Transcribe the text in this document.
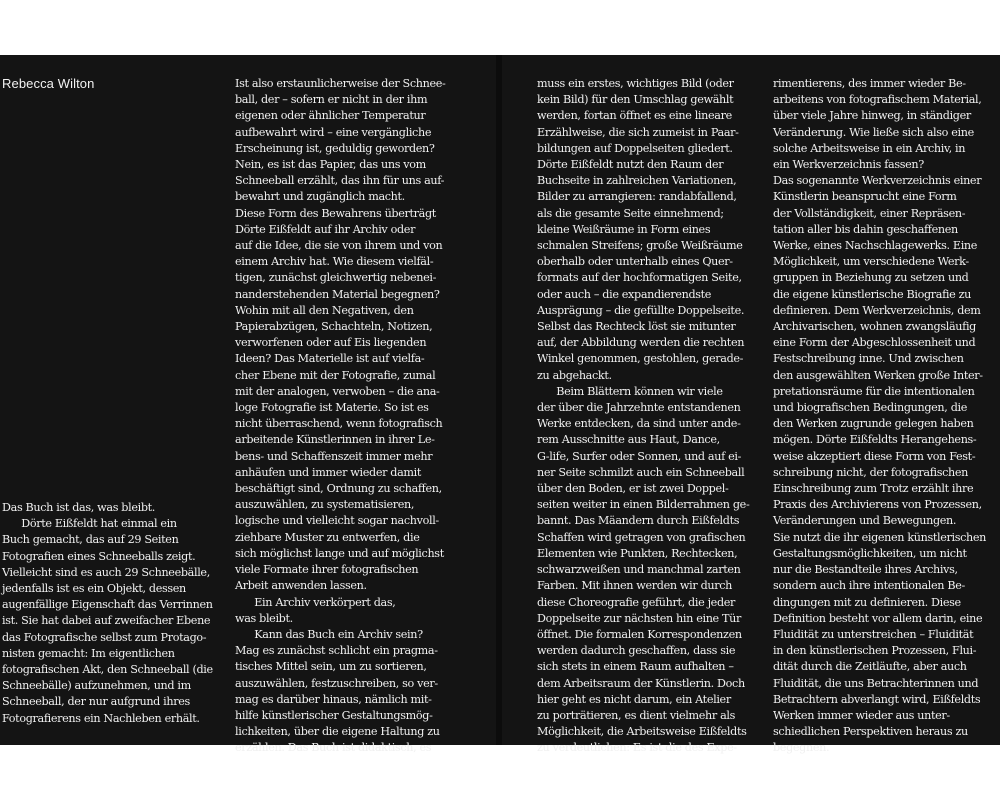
Rebecca Wilton

Das Buch ist das, was bleibt.
Dörte Eißfeldt hat einmal ein
Buch gemacht, das auf 29 Seiten
Fotografien eines Schneeballs zeigt.
Vielleicht sind es auch 29 Schneebälle,
jedenfalls ist es ein Objekt, dessen
augenfällige Eigenschaft das Verrinnen
ist. Sie hat dabei auf zweifacher Ebene
das Fotografische selbst zum Protago-
nisten gemacht: Im eigentlichen
fotografischen Akt, den Schneeball (die
Schneebälle) aufzunehmen, und im
Schneeball, der nur aufgrund ihres
Fotografierens ein Nachleben erhält.

Ist also erstaunlicherweise der Schnee-
ball, der – sofern er nicht in der ihm
eigenen oder ähnlicher Temperatur
aufbewahrt wird – eine vergängliche
Erscheinung ist, geduldig geworden?
Nein, es ist das Papier, das uns vom
Schneeball erzählt, das ihn für uns auf-
bewahrt und zugänglich macht.
Diese Form des Bewahrens überträgt
Dörte Eißfeldt auf ihr Archiv oder
auf die Idee, die sie von ihrem und von
einem Archiv hat. Wie diesem vielfäl-
tigen, zunächst gleichwertig nebenei-
nanderstehenden Material begegnen?
Wohin mit all den Negativen, den
Papierabzügen, Schachteln, Notizen,
verworfenen oder auf Eis liegenden
Ideen? Das Materielle ist auf vielfa-
cher Ebene mit der Fotografie, zumal
mit der analogen, verwoben – die ana-
loge Fotografie ist Materie. So ist es
nicht überraschend, wenn fotografisch
arbeitende Künstlerinnen in ihrer Le-
bens- und Schaffenszeit immer mehr
anhäufen und immer wieder damit
beschäftigt sind, Ordnung zu schaffen,
auszuwählen, zu systematisieren,
logische und vielleicht sogar nachvoll-
ziehbare Muster zu entwerfen, die
sich möglichst lange und auf möglichst
viele Formate ihrer fotografischen
Arbeit anwenden lassen.
Ein Archiv verkörpert das,
was bleibt.
Kann das Buch ein Archiv sein?
Mag es zunächst schlicht ein pragma-
tisches Mittel sein, um zu sortieren,
auszuwählen, festzuschreiben, so ver-
mag es darüber hinaus, nämlich mit-
hilfe künstlerischer Gestaltungsmög-
lichkeiten, über die eigene Haltung zu
erzählen. Das Buch ist didaktisch, es

muss ein erstes, wichtiges Bild (oder
kein Bild) für den Umschlag gewählt
werden, fortan öffnet es eine lineare
Erzählweise, die sich zumeist in Paar-
bildungen auf Doppelseiten gliedert.
Dörte Eißfeldt nutzt den Raum der
Buchseite in zahlreichen Variationen,
Bilder zu arrangieren: randabfallend,
als die gesamte Seite einnehmend;
kleine Weißräume in Form eines
schmalen Streifens; große Weißräume
oberhalb oder unterhalb eines Quer-
formats auf der hochformatigen Seite,
oder auch – die expandierendste
Ausprägung – die gefüllte Doppelseite.
Selbst das Rechteck löst sie mitunter
auf, der Abbildung werden die rechten
Winkel genommen, gestohlen, gerade-
zu abgehackt.
Beim Blättern können wir viele
der über die Jahrzehnte entstandenen
Werke entdecken, da sind unter ande-
rem Ausschnitte aus Haut, Dance,
G-life, Surfer oder Sonnen, und auf ei-
ner Seite schmilzt auch ein Schneeball
über den Boden, er ist zwei Doppel-
seiten weiter in einen Bilderrahmen ge-
bannt. Das Mäandern durch Eißfeldts
Schaffen wird getragen von grafischen
Elementen wie Punkten, Rechtecken,
schwarzweißen und manchmal zarten
Farben. Mit ihnen werden wir durch
diese Choreografie geführt, die jeder
Doppelseite zur nächsten hin eine Tür
öffnet. Die formalen Korrespondenzen
werden dadurch geschaffen, dass sie
sich stets in einem Raum aufhalten –
dem Arbeitsraum der Künstlerin. Doch
hier geht es nicht darum, ein Atelier
zu porträtieren, es dient vielmehr als
Möglichkeit, die Arbeitsweise Eißfeldts
zu verdeutlichen: Es ist die des Expe-

rimentierens, des immer wieder Be-
arbeitens von fotografischem Material,
über viele Jahre hinweg, in ständiger
Veränderung. Wie ließe sich also eine
solche Arbeitsweise in ein Archiv, in
ein Werkverzeichnis fassen?
Das sogenannte Werkverzeichnis einer
Künstlerin beansprucht eine Form
der Vollständigkeit, einer Repräsen-
tation aller bis dahin geschaffenen
Werke, eines Nachschlagewerks. Eine
Möglichkeit, um verschiedene Werk-
gruppen in Beziehung zu setzen und
die eigene künstlerische Biografie zu
definieren. Dem Werkverzeichnis, dem
Archivarischen, wohnen zwangsläufig
eine Form der Abgeschlossenheit und
Festschreibung inne. Und zwischen
den ausgewählten Werken große Inter-
pretationsräume für die intentionalen
und biografischen Bedingungen, die
den Werken zugrunde gelegen haben
mögen. Dörte Eißfeldts Herangehens-
weise akzeptiert diese Form von Fest-
schreibung nicht, der fotografischen
Einschreibung zum Trotz erzählt ihre
Praxis des Archivierens von Prozessen,
Veränderungen und Bewegungen.
Sie nutzt die ihr eigenen künstlerischen
Gestaltungsmöglichkeiten, um nicht
nur die Bestandteile ihres Archivs,
sondern auch ihre intentionalen Be-
dingungen mit zu definieren. Diese
Definition besteht vor allem darin, eine
Fluidität zu unterstreichen – Fluidität
in den künstlerischen Prozessen, Flui-
dität durch die Zeitläufte, aber auch
Fluidität, die uns Betrachterinnen und
Betrachtern abverlangt wird, Eißfeldts
Werken immer wieder aus unter-
schiedlichen Perspektiven heraus zu
begegnen.
